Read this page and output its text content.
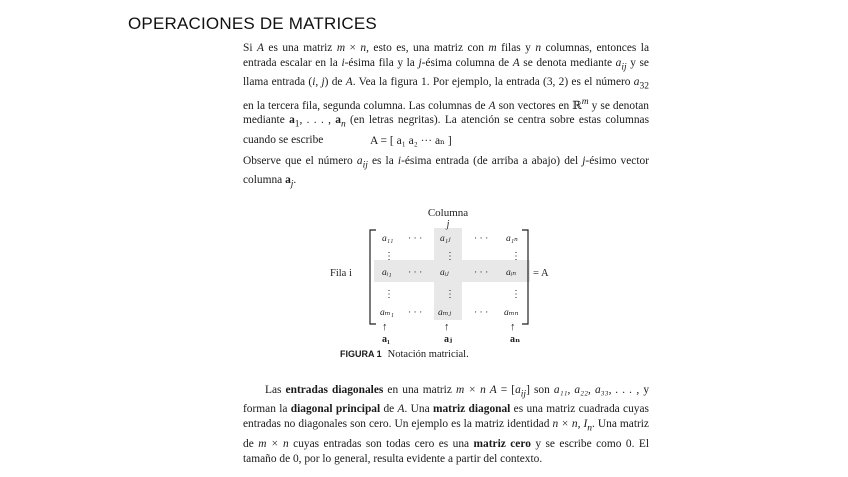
OPERACIONES DE MATRICES
Si A es una matriz m × n, esto es, una matriz con m filas y n columnas, entonces la entrada escalar en la i-ésima fila y la j-ésima columna de A se denota mediante $a_{ij}$ y se llama entrada (i, j) de A. Vea la figura 1. Por ejemplo, la entrada (3, 2) es el número $a_{32}$ en la tercera fila, segunda columna. Las columnas de A son vectores en ℝ$^m$ y se denotan mediante $a_1$, . . . , $a_n$ (en letras negritas). La atención se centra sobre estas columnas cuando se escribe	A = [ a₁ a₂ ··· aₙ ]
Observe que el número $a_{ij}$ es la i-ésima entrada (de arriba a abajo) del j-ésimo vector columna $a_j$.
Columna
j
Fila i	= A
a₁₁ · · · a₁ⱼ · · · a₁ₙ
⋮	⋮	⋮
aᵢ₁ · · · aᵢⱼ	· · · aᵢₙ
⋮	⋮	⋮
aₘ₁ · · · aₘⱼ · · · aₘₙ
↑	↑	↑
a₁	aⱼ	aₙ
FIGURA 1 Notación matricial.
Las entradas diagonales en una matriz m × n $A = [a_{ij}]$ son a₁₁, a₂₂, a₃₃, . . . , y forman la diagonal principal de A. Una matriz diagonal es una matriz cuadrada cuyas entradas no diagonales son cero. Un ejemplo es la matriz identidad n × n, $I_n$. Una matriz de m × n cuyas entradas son todas cero es una matriz cero y se escribe como 0. El tamaño de 0, por lo general, resulta evidente a partir del contexto.
